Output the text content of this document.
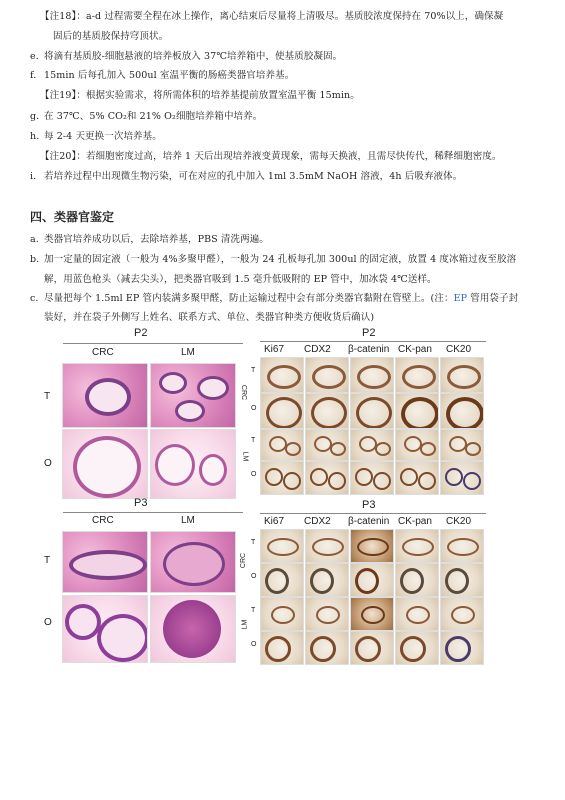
【注18】：a-d 过程需要全程在冰上操作，离心结束后尽量将上清吸尽。基质胶浓度保持在 70%以上，确保凝
固后的基质胶保持穹顶状。
e. 将滴有基质胶-细胞悬液的培养板放入 37℃培养箱中，使基质胶凝固。
f. 15min 后每孔加入 500ul 室温平衡的肠癌类器官培养基。
【注19】：根据实验需求，将所需体积的培养基提前放置室温平衡 15min。
g. 在 37℃、5% CO₂和 21% O₂细胞培养箱中培养。
h. 每 2-4 天更换一次培养基。
【注20】：若细胞密度过高，培养 1 天后出现培养液变黄现象，需每天换液，且需尽快传代，稀释细胞密度。
i. 若培养过程中出现微生物污染，可在对应的孔中加入 1ml 3.5mM NaOH 溶液，4h 后吸弃液体。
四、类器官鉴定
a. 类器官培养成功以后，去除培养基，PBS 清洗两遍。
b. 加一定量的固定液（一般为 4%多聚甲醛），一般为 24 孔板每孔加 300ul 的固定液，放置 4 度冰箱过夜至胶溶
解，用蓝色枪头（减去尖头），把类器官吸到 1.5 毫升低吸附的 EP 管中，加冰袋 4℃送样。
c. 尽量把每个 1.5ml EP 管内装满多聚甲醛，防止运输过程中会有部分类器官黏附在管壁上。(注：EP 管用袋子封
装好，并在袋子外侧写上姓名、联系方式、单位、类器官种类方便收货后确认)
P2
CRC	LM
T
O
P3
CRC	LM
T
O
P2
Ki67 CDX2 β-catenin CK-pan CK20
CRC
LM
T
O
T
O
P3
Ki67 CDX2 β-catenin CK-pan CK20
CRC
LM
T
O
T
O
